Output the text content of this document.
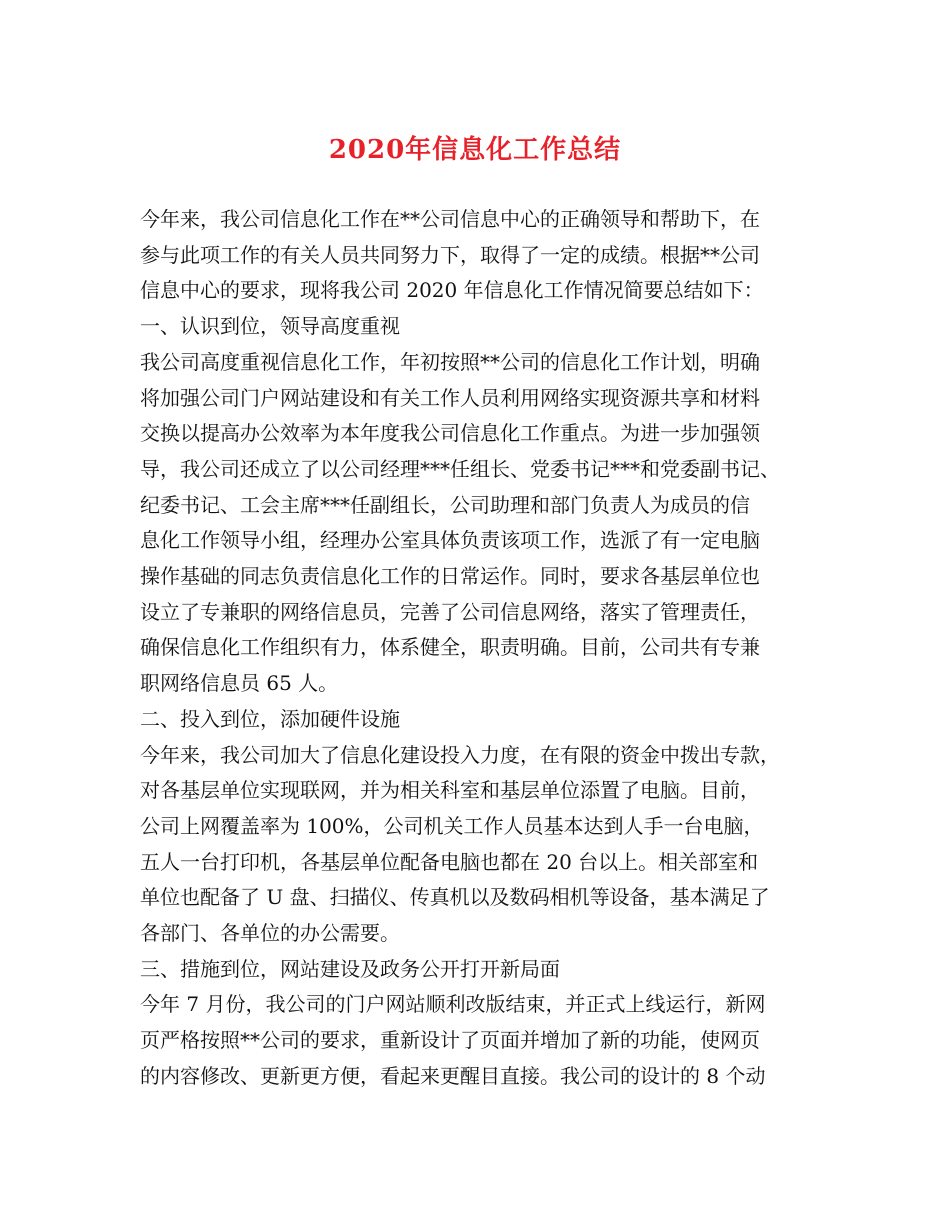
2020年信息化工作总结
今年来，我公司信息化工作在**公司信息中心的正确领导和帮助下，在
参与此项工作的有关人员共同努力下，取得了一定的成绩。根据**公司
信息中心的要求，现将我公司 2020 年信息化工作情况简要总结如下：
一、认识到位，领导高度重视
我公司高度重视信息化工作，年初按照**公司的信息化工作计划，明确
将加强公司门户网站建设和有关工作人员利用网络实现资源共享和材料
交换以提高办公效率为本年度我公司信息化工作重点。为进一步加强领
导，我公司还成立了以公司经理***任组长、党委书记***和党委副书记、
纪委书记、工会主席***任副组长，公司助理和部门负责人为成员的信
息化工作领导小组，经理办公室具体负责该项工作，选派了有一定电脑
操作基础的同志负责信息化工作的日常运作。同时，要求各基层单位也
设立了专兼职的网络信息员，完善了公司信息网络，落实了管理责任，
确保信息化工作组织有力，体系健全，职责明确。目前，公司共有专兼
职网络信息员 65 人。
二、投入到位，添加硬件设施
今年来，我公司加大了信息化建设投入力度，在有限的资金中拨出专款，
对各基层单位实现联网，并为相关科室和基层单位添置了电脑。目前，
公司上网覆盖率为 100%，公司机关工作人员基本达到人手一台电脑，
五人一台打印机，各基层单位配备电脑也都在 20 台以上。相关部室和
单位也配备了 U 盘、扫描仪、传真机以及数码相机等设备，基本满足了
各部门、各单位的办公需要。
三、措施到位，网站建设及政务公开打开新局面
今年 7 月份，我公司的门户网站顺利改版结束，并正式上线运行，新网
页严格按照**公司的要求，重新设计了页面并增加了新的功能，使网页
的内容修改、更新更方便，看起来更醒目直接。我公司的设计的 8 个动
